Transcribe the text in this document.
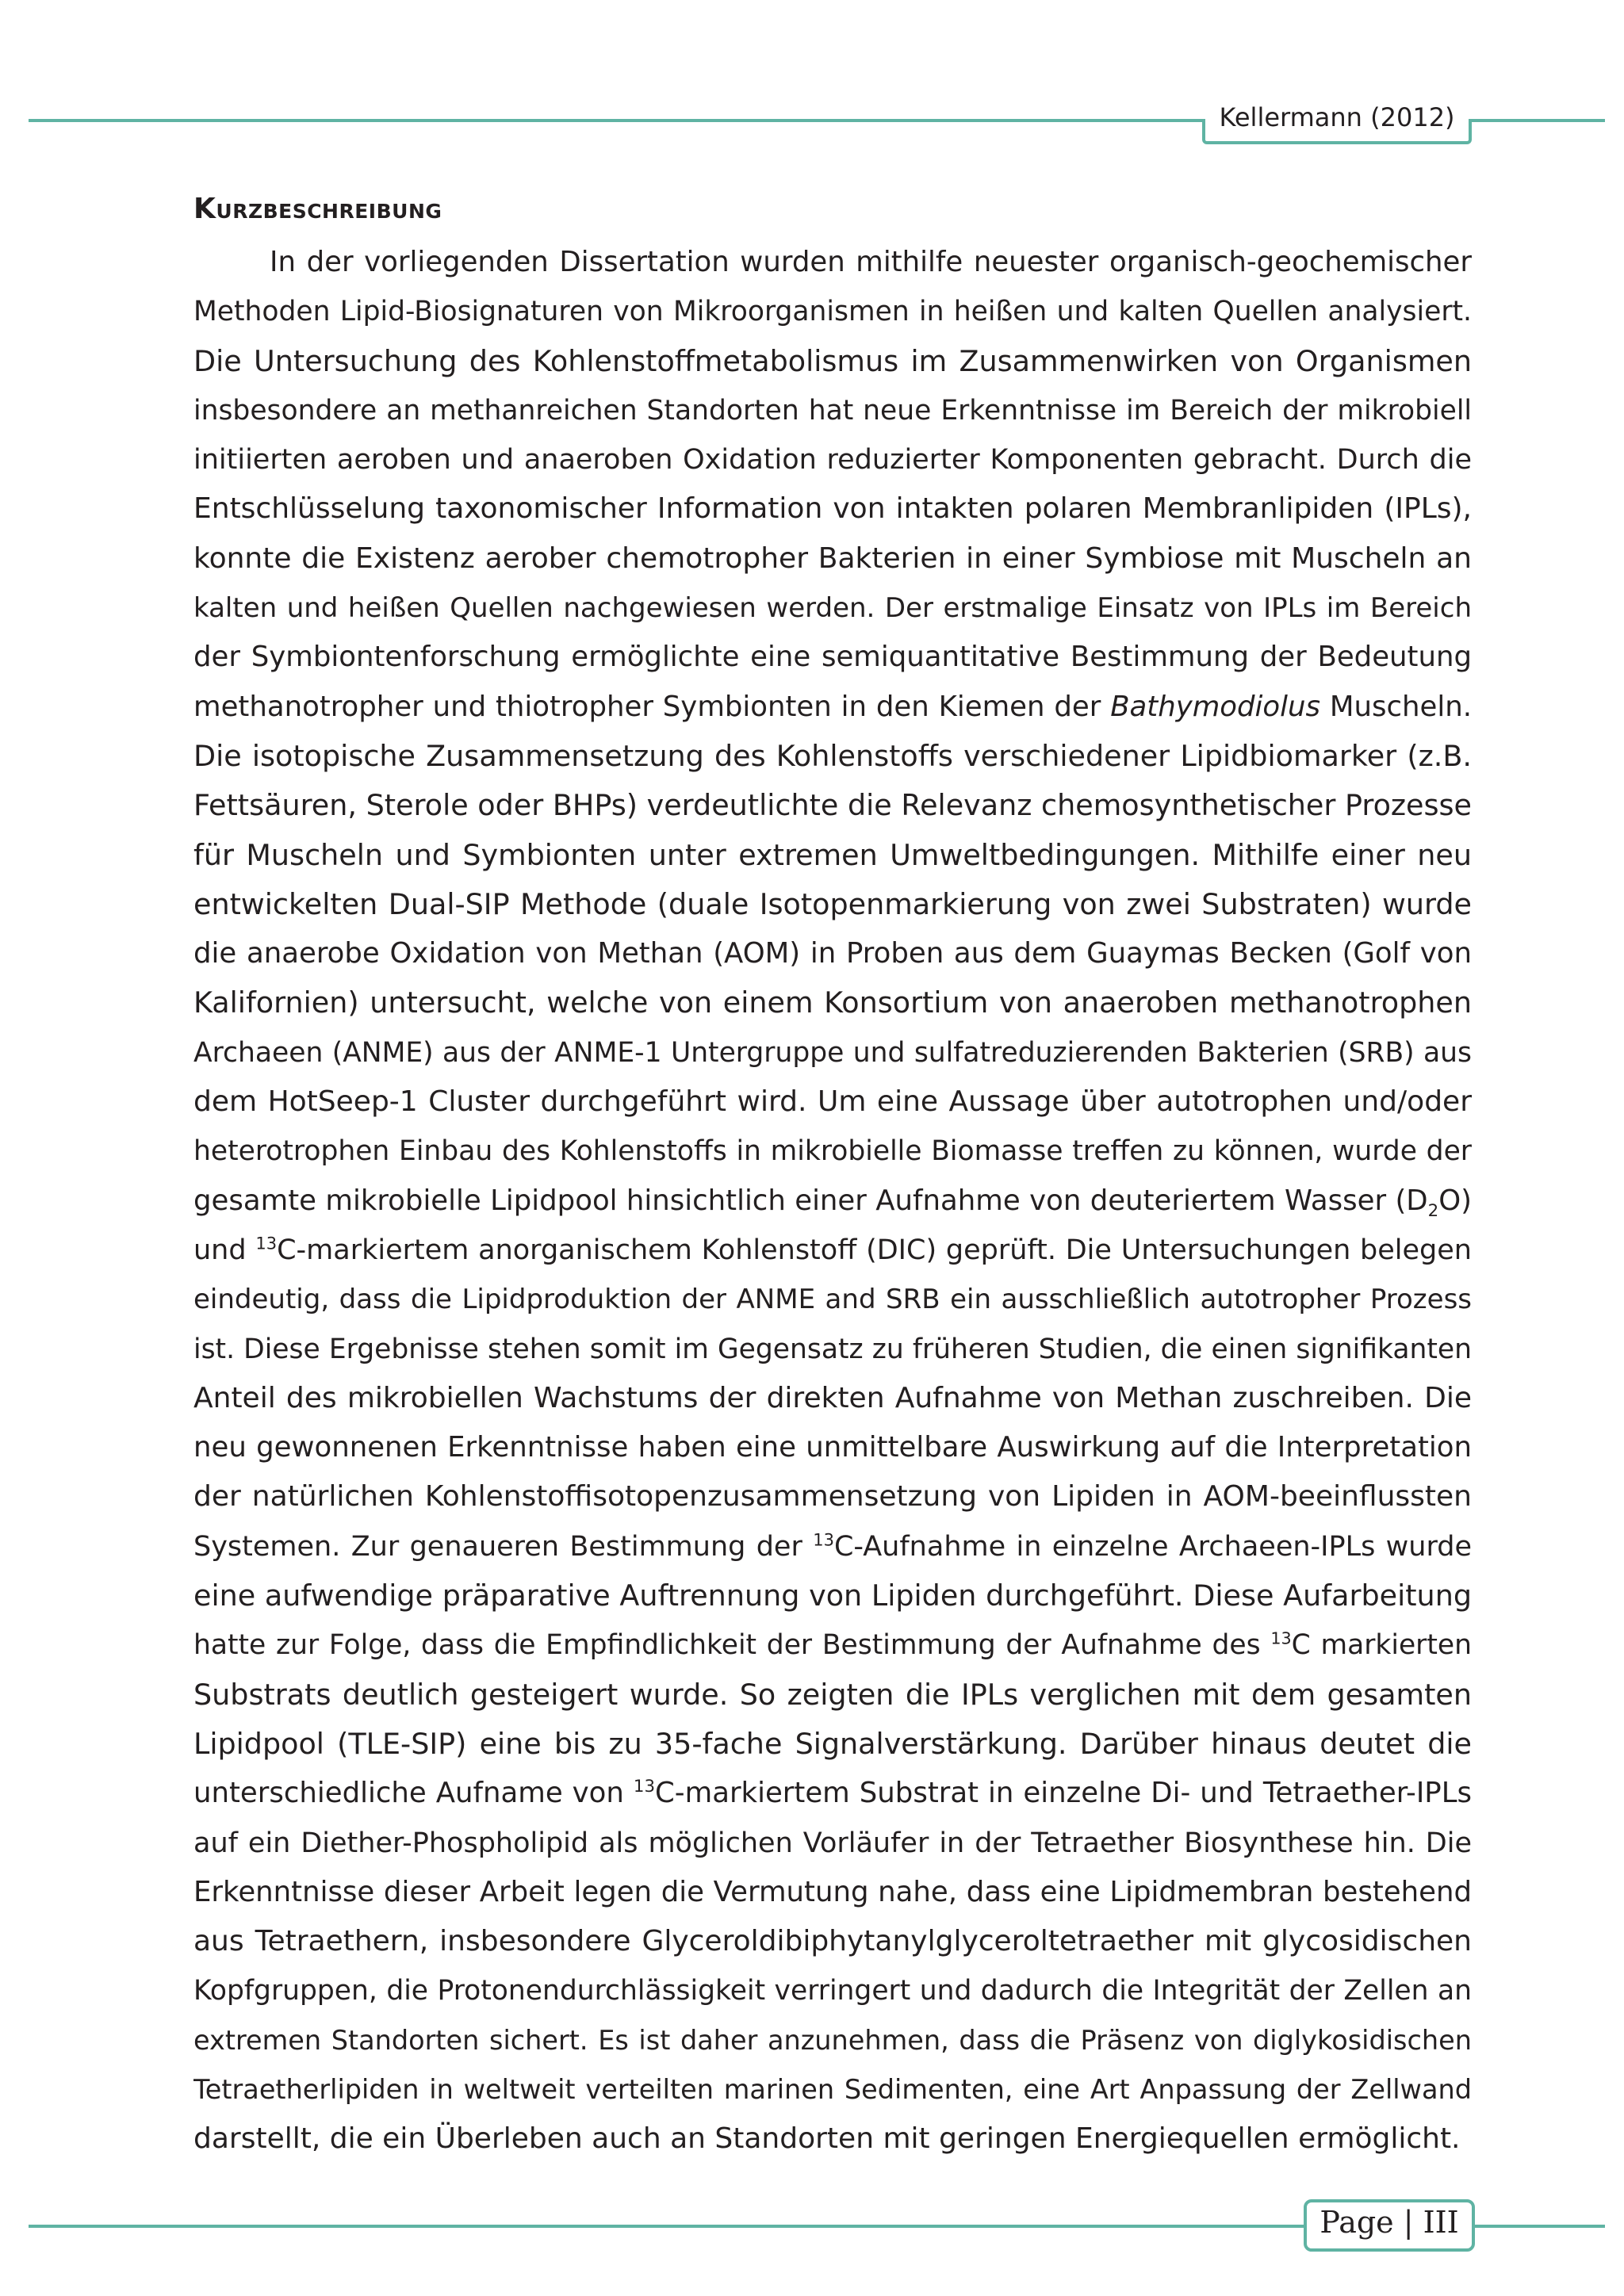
Kellermann (2012)
Kurzbeschreibung
In der vorliegenden Dissertation wurden mithilfe neuester organisch-geochemischer
Methoden Lipid-Biosignaturen von Mikroorganismen in heißen und kalten Quellen analysiert.
Die Untersuchung des Kohlenstoffmetabolismus im Zusammenwirken von Organismen
insbesondere an methanreichen Standorten hat neue Erkenntnisse im Bereich der mikrobiell
initiierten aeroben und anaeroben Oxidation reduzierter Komponenten gebracht. Durch die
Entschlüsselung taxonomischer Information von intakten polaren Membranlipiden (IPLs),
konnte die Existenz aerober chemotropher Bakterien in einer Symbiose mit Muscheln an
kalten und heißen Quellen nachgewiesen werden. Der erstmalige Einsatz von IPLs im Bereich
der Symbiontenforschung ermöglichte eine semiquantitative Bestimmung der Bedeutung
methanotropher und thiotropher Symbionten in den Kiemen der Bathymodiolus Muscheln.
Die isotopische Zusammensetzung des Kohlenstoffs verschiedener Lipidbiomarker (z.B.
Fettsäuren, Sterole oder BHPs) verdeutlichte die Relevanz chemosynthetischer Prozesse
für Muscheln und Symbionten unter extremen Umweltbedingungen. Mithilfe einer neu
entwickelten Dual-SIP Methode (duale Isotopenmarkierung von zwei Substraten) wurde
die anaerobe Oxidation von Methan (AOM) in Proben aus dem Guaymas Becken (Golf von
Kalifornien) untersucht, welche von einem Konsortium von anaeroben methanotrophen
Archaeen (ANME) aus der ANME-1 Untergruppe und sulfatreduzierenden Bakterien (SRB) aus
dem HotSeep-1 Cluster durchgeführt wird. Um eine Aussage über autotrophen und/oder
heterotrophen Einbau des Kohlenstoffs in mikrobielle Biomasse treffen zu können, wurde der
gesamte mikrobielle Lipidpool hinsichtlich einer Aufnahme von deuteriertem Wasser $(D_2O)$
und $^{13}$C-markiertem anorganischem Kohlenstoff (DIC) geprüft. Die Untersuchungen belegen
eindeutig, dass die Lipidproduktion der ANME and SRB ein ausschließlich autotropher Prozess
ist. Diese Ergebnisse stehen somit im Gegensatz zu früheren Studien, die einen signifikanten
Anteil des mikrobiellen Wachstums der direkten Aufnahme von Methan zuschreiben. Die
neu gewonnenen Erkenntnisse haben eine unmittelbare Auswirkung auf die Interpretation
der natürlichen Kohlenstoffisotopenzusammensetzung von Lipiden in AOM-beeinflussten
Systemen. Zur genaueren Bestimmung der $^{13}$C-Aufnahme in einzelne Archaeen-IPLs wurde
eine aufwendige präparative Auftrennung von Lipiden durchgeführt. Diese Aufarbeitung
hatte zur Folge, dass die Empfindlichkeit der Bestimmung der Aufnahme des $^{13}$C markierten
Substrats deutlich gesteigert wurde. So zeigten die IPLs verglichen mit dem gesamten
Lipidpool (TLE-SIP) eine bis zu 35-fache Signalverstärkung. Darüber hinaus deutet die
unterschiedliche Aufname von $^{13}$C-markiertem Substrat in einzelne Di- und Tetraether-IPLs
auf ein Diether-Phospholipid als möglichen Vorläufer in der Tetraether Biosynthese hin. Die
Erkenntnisse dieser Arbeit legen die Vermutung nahe, dass eine Lipidmembran bestehend
aus Tetraethern, insbesondere Glyceroldibiphytanylglyceroltetraether mit glycosidischen
Kopfgruppen, die Protonendurchlässigkeit verringert und dadurch die Integrität der Zellen an
extremen Standorten sichert. Es ist daher anzunehmen, dass die Präsenz von diglykosidischen
Tetraetherlipiden in weltweit verteilten marinen Sedimenten, eine Art Anpassung der Zellwand
darstellt, die ein Überleben auch an Standorten mit geringen Energiequellen ermöglicht.
Page | III
